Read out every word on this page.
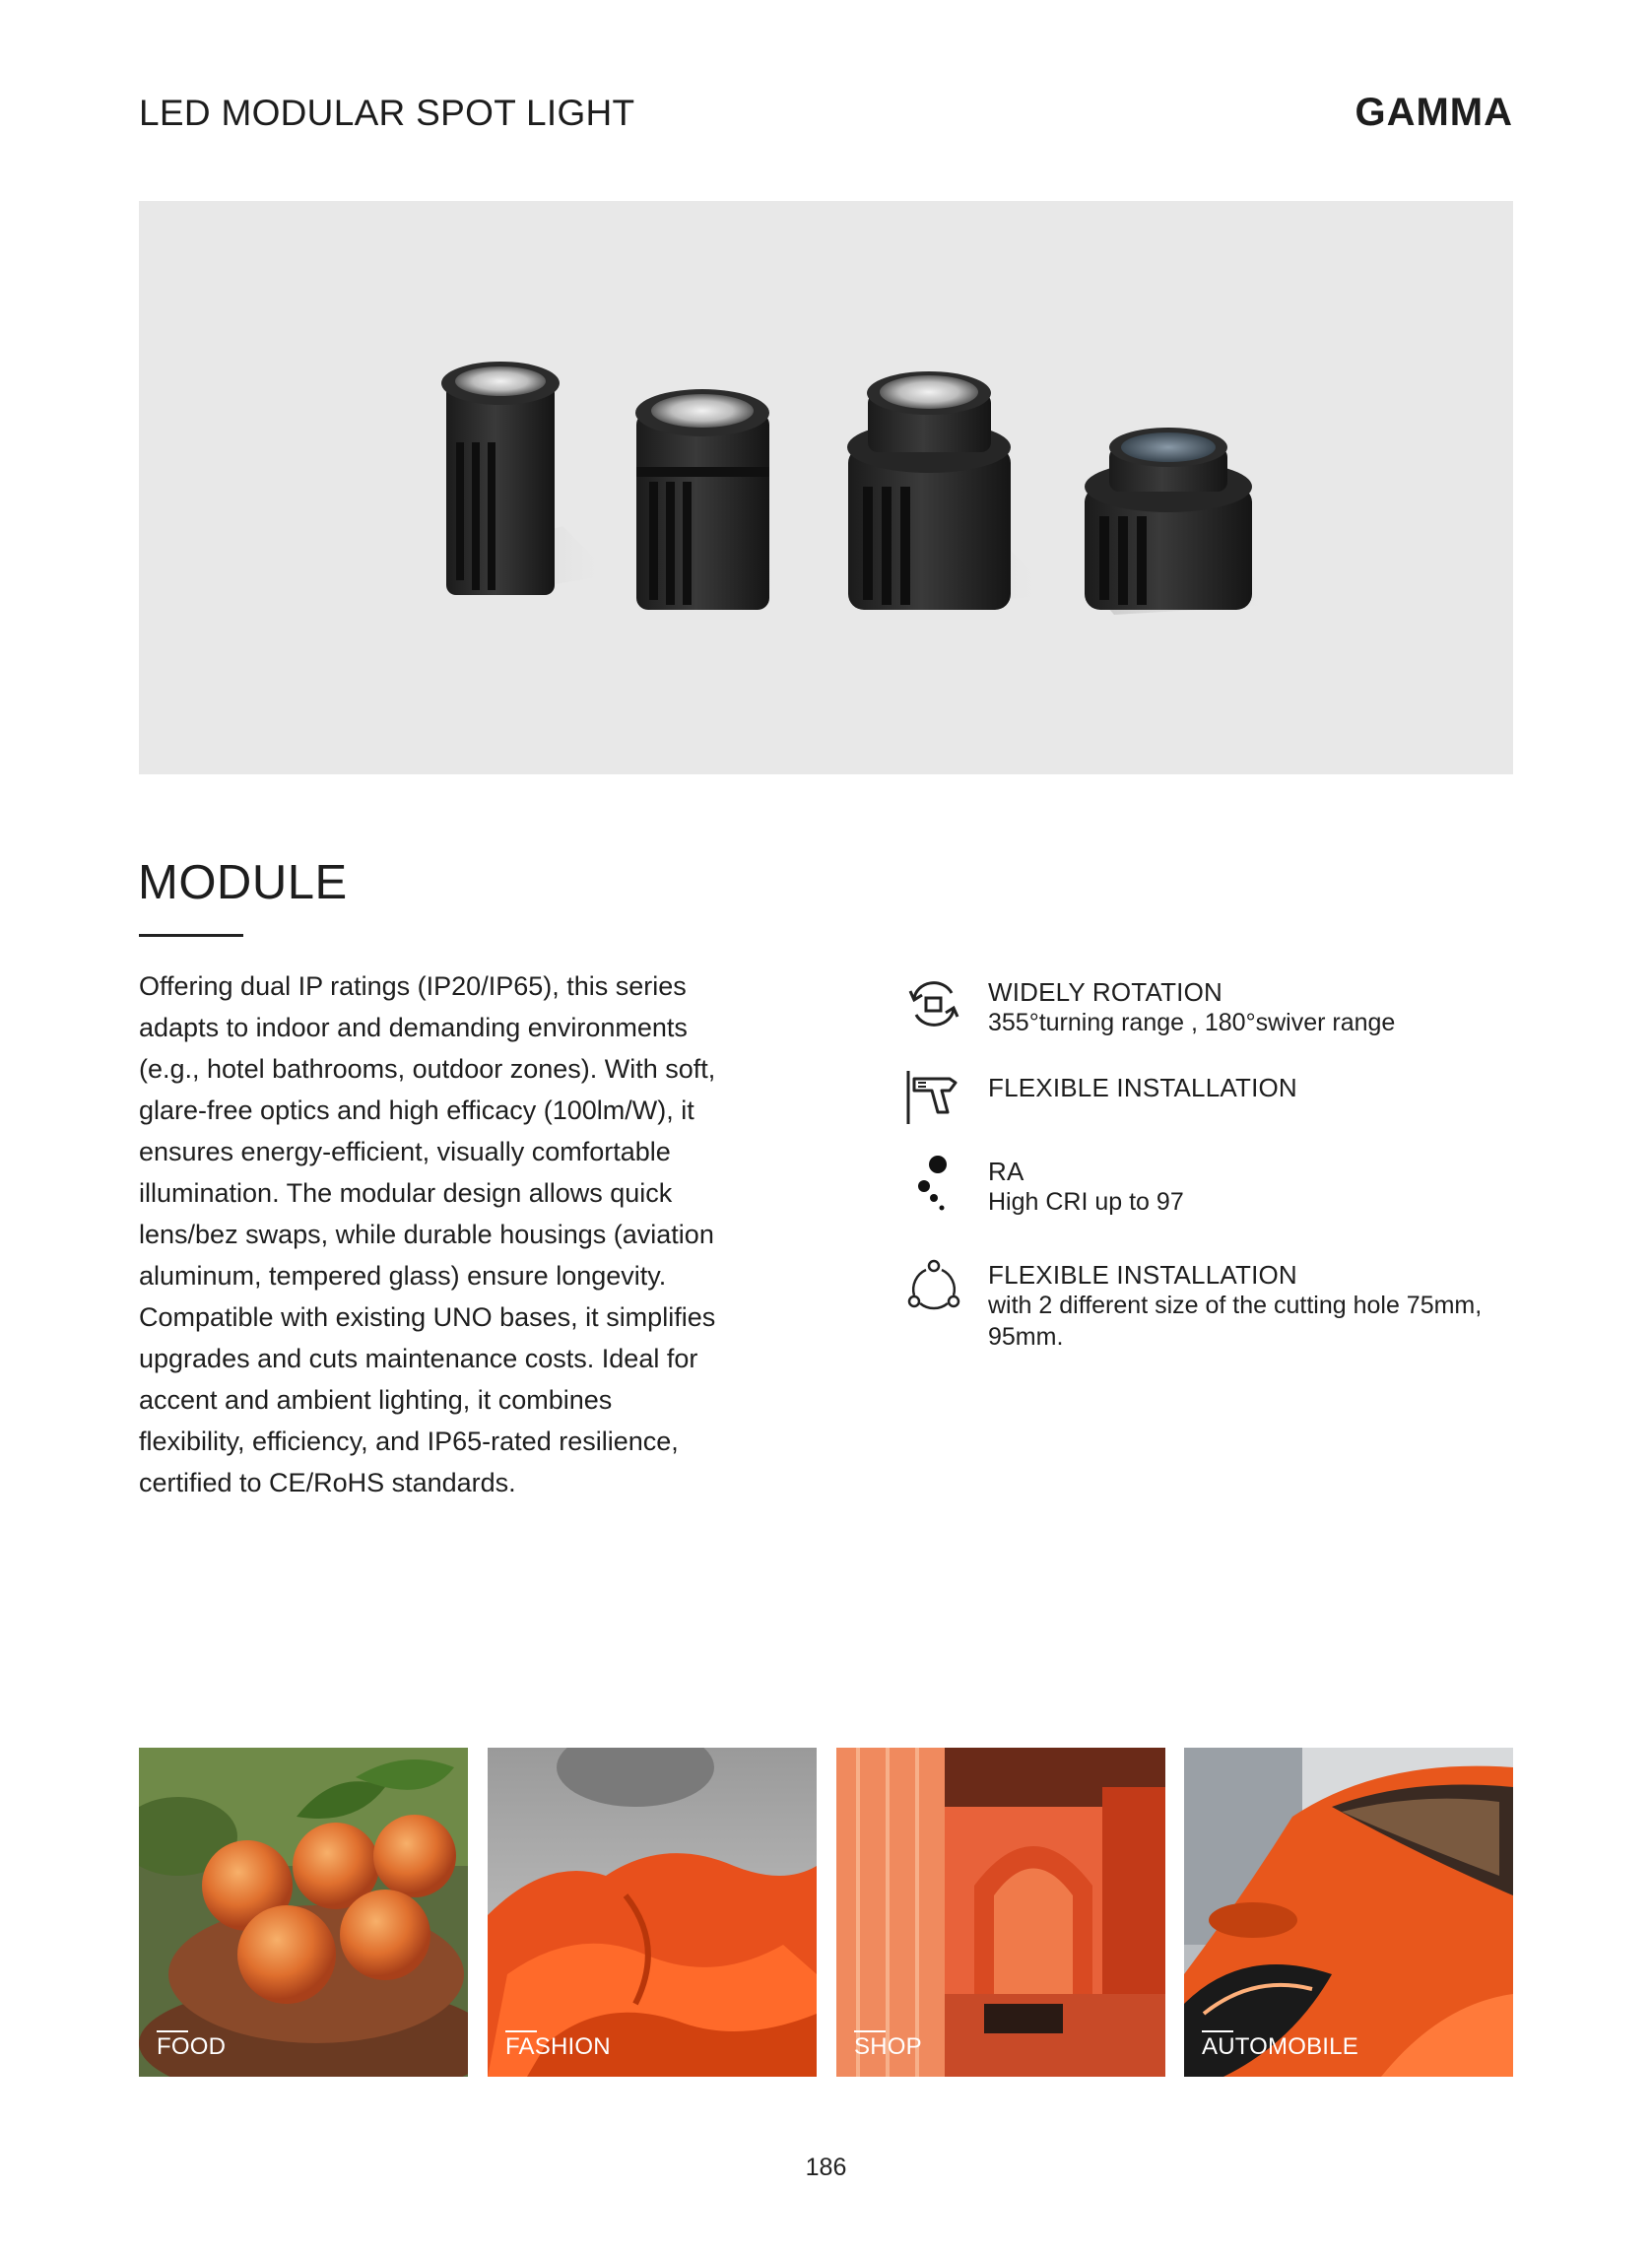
LED MODULAR SPOT LIGHT	GAMMA
MODULE

Offering dual IP ratings (IP20/IP65), this series adapts to indoor and demanding environments (e.g., hotel bathrooms, outdoor zones). With soft, glare-free optics and high efficacy (100lm/W), it ensures energy-efficient, visually comfortable illumination. The modular design allows quick lens/bez swaps, while durable housings (aviation aluminum, tempered glass) ensure longevity. Compatible with existing UNO bases, it simplifies upgrades and cuts maintenance costs. Ideal for accent and ambient lighting, it combines flexibility, efficiency, and IP65-rated resilience, certified to CE/RoHS standards.

WIDELY ROTATION
355°turning range , 180°swiver range
FLEXIBLE INSTALLATION
RA
High CRI up to 97
FLEXIBLE INSTALLATION
with 2 different size of the cutting hole 75mm, 95mm.
FOOD	FASHION	SHOP	AUTOMOBILE
186
